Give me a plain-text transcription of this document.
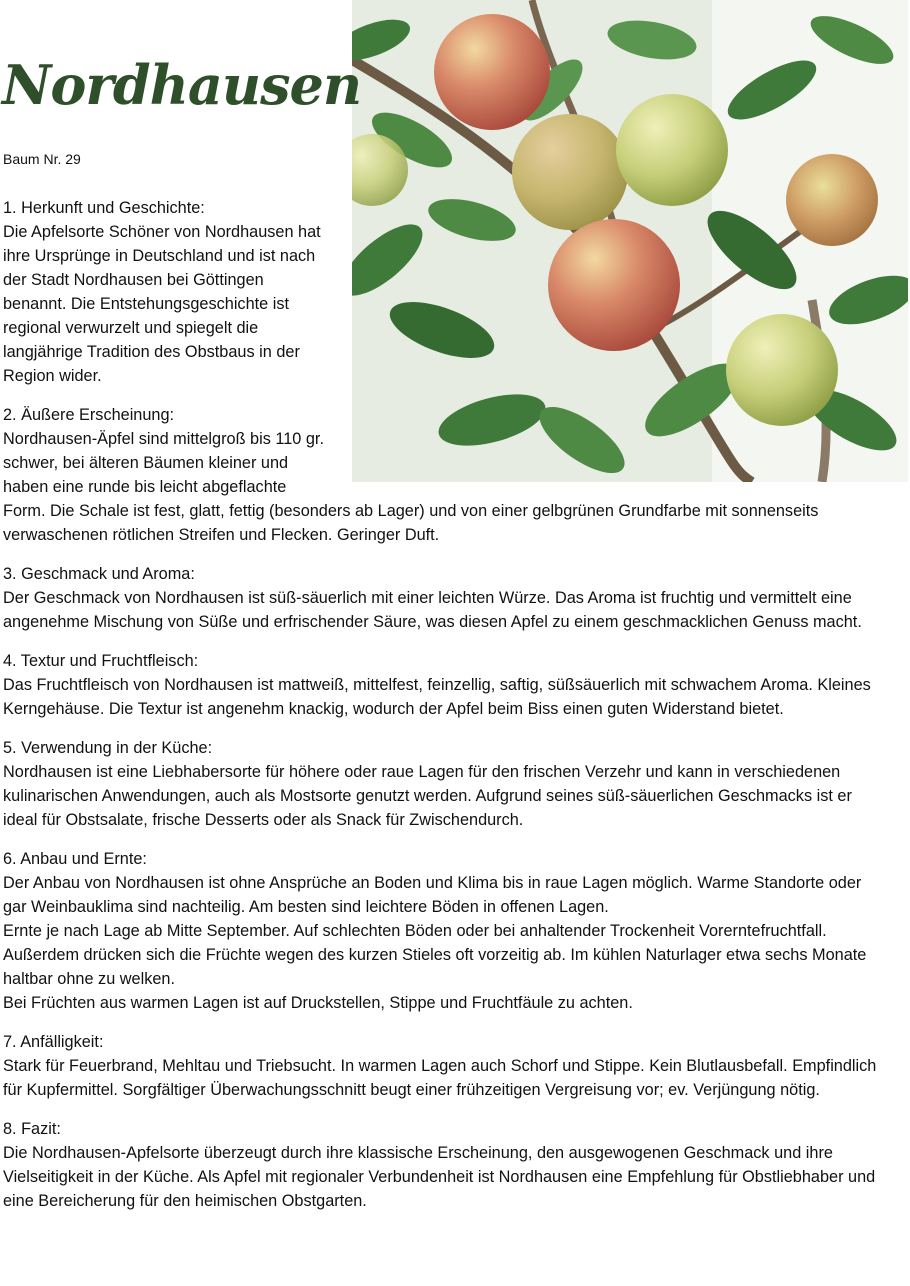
Nordhausen

Baum Nr. 29

1. Herkunft und Geschichte:
Die Apfelsorte Schöner von Nordhausen hat ihre Ursprünge in Deutschland und ist nach der Stadt Nordhausen bei Göttingen benannt. Die Entstehungsgeschichte ist regional verwurzelt und spiegelt die langjährige Tradition des Obstbaus in der Region wider.

2. Äußere Erscheinung:
Nordhausen-Äpfel sind mittelgroß bis 110 gr. schwer, bei älteren Bäumen kleiner und haben eine runde bis leicht abgeflachte Form. Die Schale ist fest, glatt, fettig (besonders ab Lager) und von einer gelbgrünen Grundfarbe mit sonnenseits verwaschenen rötlichen Streifen und Flecken. Geringer Duft.

3. Geschmack und Aroma:
Der Geschmack von Nordhausen ist süß-säuerlich mit einer leichten Würze. Das Aroma ist fruchtig und vermittelt eine angenehme Mischung von Süße und erfrischender Säure, was diesen Apfel zu einem geschmacklichen Genuss macht.

4. Textur und Fruchtfleisch:
Das Fruchtfleisch von Nordhausen ist mattweiß, mittelfest, feinzellig, saftig, süßsäuerlich mit schwachem Aroma. Kleines Kerngehäuse. Die Textur ist angenehm knackig, wodurch der Apfel beim Biss einen guten Widerstand bietet.

5. Verwendung in der Küche:
Nordhausen ist eine Liebhabersorte für höhere oder raue Lagen für den frischen Verzehr und kann in verschiedenen kulinarischen Anwendungen, auch als Mostsorte genutzt werden. Aufgrund seines süß-säuerlichen Geschmacks ist er ideal für Obstsalate, frische Desserts oder als Snack für Zwischendurch.

6. Anbau und Ernte:
Der Anbau von Nordhausen ist ohne Ansprüche an Boden und Klima bis in raue Lagen möglich. Warme Standorte oder gar Weinbauklima sind nachteilig. Am besten sind leichtere Böden in offenen Lagen.
Ernte je nach Lage ab Mitte September. Auf schlechten Böden oder bei anhaltender Trockenheit Vorerntefruchtfall. Außerdem drücken sich die Früchte wegen des kurzen Stieles oft vorzeitig ab. Im kühlen Naturlager etwa sechs Monate haltbar ohne zu welken.
Bei Früchten aus warmen Lagen ist auf Druckstellen, Stippe und Fruchtfäule zu achten.

7. Anfälligkeit:
Stark für Feuerbrand, Mehltau und Triebsucht. In warmen Lagen auch Schorf und Stippe. Kein Blutlausbefall. Empfindlich für Kupfermittel. Sorgfältiger Überwachungsschnitt beugt einer frühzeitigen Vergreisung vor; ev. Verjüngung nötig.

8. Fazit:
Die Nordhausen-Apfelsorte überzeugt durch ihre klassische Erscheinung, den ausgewogenen Geschmack und ihre Vielseitigkeit in der Küche. Als Apfel mit regionaler Verbundenheit ist Nordhausen eine Empfehlung für Obstliebhaber und eine Bereicherung für den heimischen Obstgarten.
